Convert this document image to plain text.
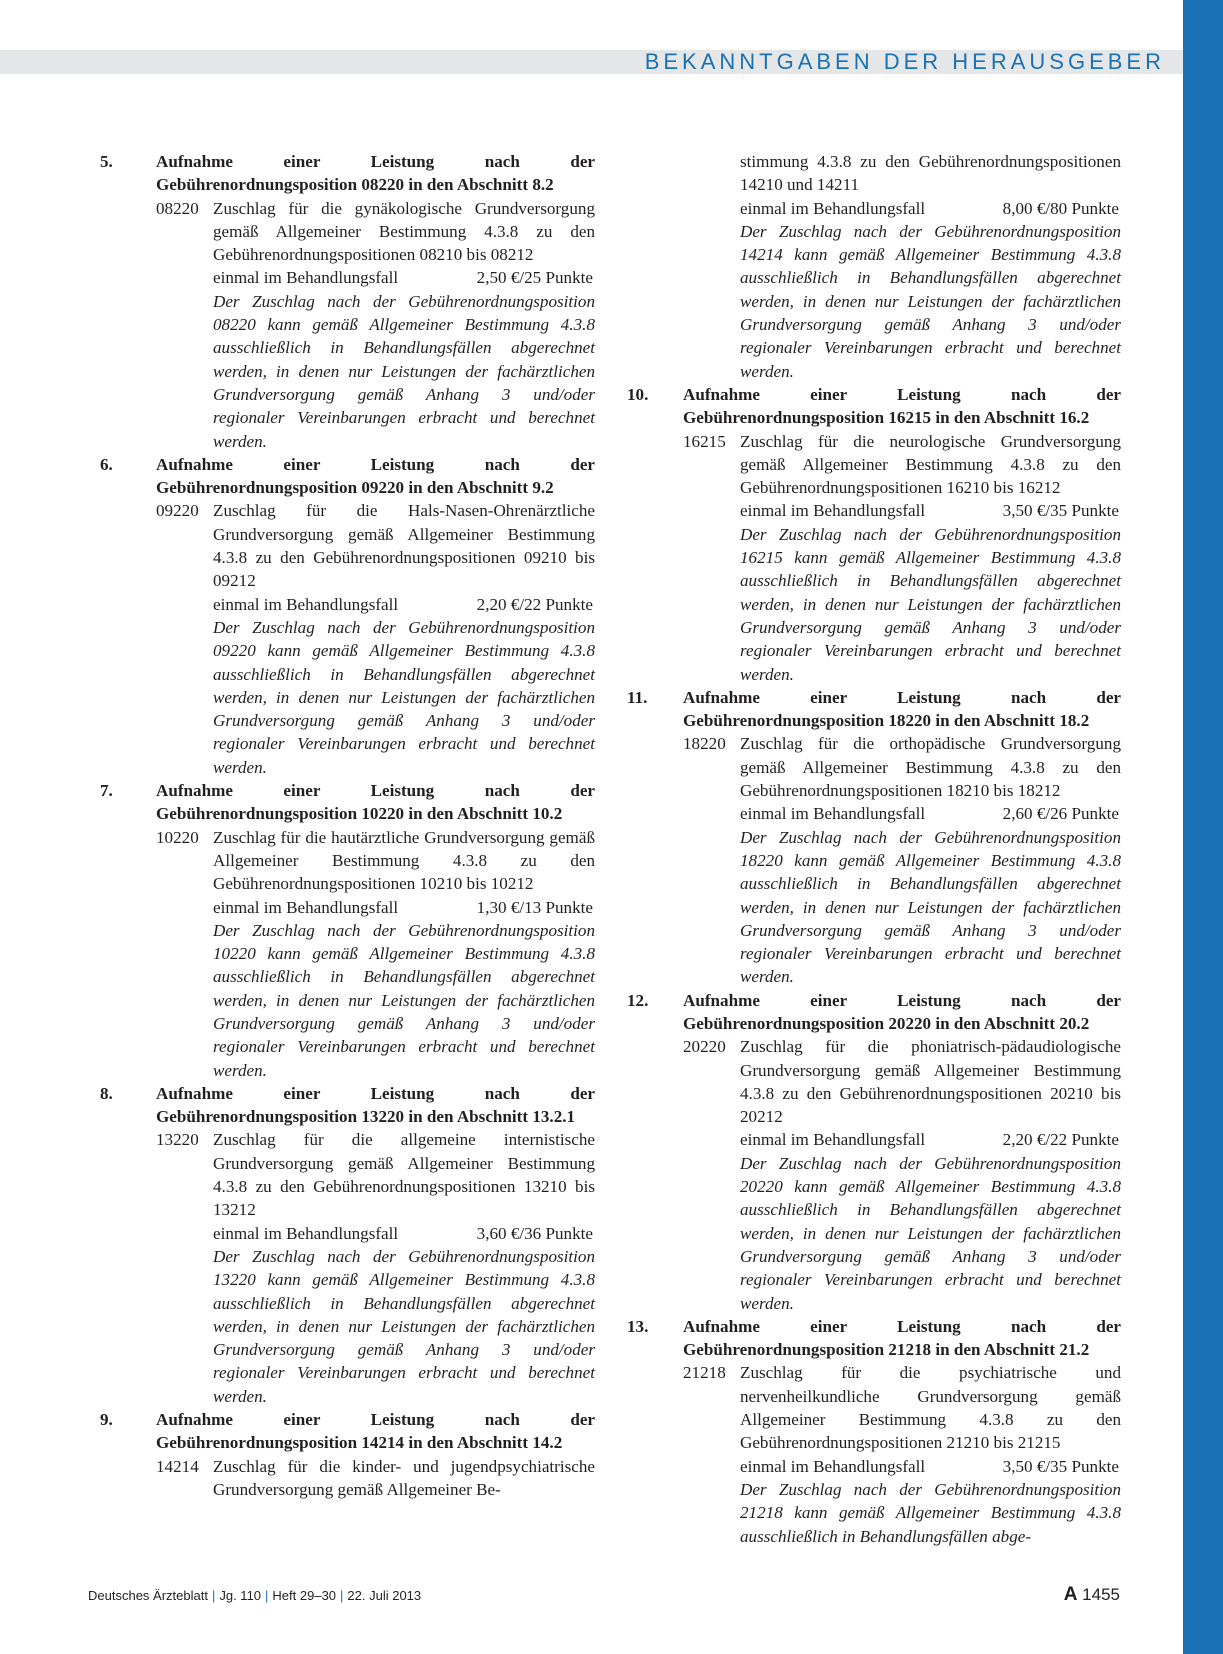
BEKANNTGABEN DER HERAUSGEBER
5.	Aufnahme einer Leistung nach der Gebührenordnungsposition 08220 in den Abschnitt 8.2
08220 Zuschlag für die gynäkologische Grundversorgung gemäß Allgemeiner Bestimmung 4.3.8 zu den Gebührenordnungspositionen 08210 bis 08212
einmal im Behandlungsfall	2,50 €/25 Punkte
Der Zuschlag nach der Gebührenordnungsposition 08220 kann gemäß Allgemeiner Bestimmung 4.3.8 ausschließlich in Behandlungsfällen abgerechnet werden, in denen nur Leistungen der fachärztlichen Grundversorgung gemäß Anhang 3 und/oder regionaler Vereinbarungen erbracht und berechnet werden.
6.	Aufnahme einer Leistung nach der Gebührenordnungsposition 09220 in den Abschnitt 9.2
09220 Zuschlag für die Hals-Nasen-Ohrenärztliche Grundversorgung gemäß Allgemeiner Bestimmung 4.3.8 zu den Gebührenordnungspositionen 09210 bis 09212
einmal im Behandlungsfall	2,20 €/22 Punkte
Der Zuschlag nach der Gebührenordnungsposition 09220 kann gemäß Allgemeiner Bestimmung 4.3.8 ausschließlich in Behandlungsfällen abgerechnet werden, in denen nur Leistungen der fachärztlichen Grundversorgung gemäß Anhang 3 und/oder regionaler Vereinbarungen erbracht und berechnet werden.
7.	Aufnahme einer Leistung nach der Gebührenordnungsposition 10220 in den Abschnitt 10.2
10220 Zuschlag für die hautärztliche Grundversorgung gemäß Allgemeiner Bestimmung 4.3.8 zu den Gebührenordnungspositionen 10210 bis 10212
einmal im Behandlungsfall	1,30 €/13 Punkte
Der Zuschlag nach der Gebührenordnungsposition 10220 kann gemäß Allgemeiner Bestimmung 4.3.8 ausschließlich in Behandlungsfällen abgerechnet werden, in denen nur Leistungen der fachärztlichen Grundversorgung gemäß Anhang 3 und/oder regionaler Vereinbarungen erbracht und berechnet werden.
8.	Aufnahme einer Leistung nach der Gebührenordnungsposition 13220 in den Abschnitt 13.2.1
13220 Zuschlag für die allgemeine internistische Grundversorgung gemäß Allgemeiner Bestimmung 4.3.8 zu den Gebührenordnungspositionen 13210 bis 13212
einmal im Behandlungsfall	3,60 €/36 Punkte
Der Zuschlag nach der Gebührenordnungsposition 13220 kann gemäß Allgemeiner Bestimmung 4.3.8 ausschließlich in Behandlungsfällen abgerechnet werden, in denen nur Leistungen der fachärztlichen Grundversorgung gemäß Anhang 3 und/oder regionaler Vereinbarungen erbracht und berechnet werden.
9.	Aufnahme einer Leistung nach der Gebührenordnungsposition 14214 in den Abschnitt 14.2
14214 Zuschlag für die kinder- und jugendpsychiatrische Grundversorgung gemäß Allgemeiner Be-
stimmung 4.3.8 zu den Gebührenordnungspositionen 14210 und 14211
einmal im Behandlungsfall	8,00 €/80 Punkte
Der Zuschlag nach der Gebührenordnungsposition 14214 kann gemäß Allgemeiner Bestimmung 4.3.8 ausschließlich in Behandlungsfällen abgerechnet werden, in denen nur Leistungen der fachärztlichen Grundversorgung gemäß Anhang 3 und/oder regionaler Vereinbarungen erbracht und berechnet werden.
10.	Aufnahme einer Leistung nach der Gebührenordnungsposition 16215 in den Abschnitt 16.2
16215 Zuschlag für die neurologische Grundversorgung gemäß Allgemeiner Bestimmung 4.3.8 zu den Gebührenordnungspositionen 16210 bis 16212
einmal im Behandlungsfall	3,50 €/35 Punkte
Der Zuschlag nach der Gebührenordnungsposition 16215 kann gemäß Allgemeiner Bestimmung 4.3.8 ausschließlich in Behandlungsfällen abgerechnet werden, in denen nur Leistungen der fachärztlichen Grundversorgung gemäß Anhang 3 und/oder regionaler Vereinbarungen erbracht und berechnet werden.
11.	Aufnahme einer Leistung nach der Gebührenordnungsposition 18220 in den Abschnitt 18.2
18220 Zuschlag für die orthopädische Grundversorgung gemäß Allgemeiner Bestimmung 4.3.8 zu den Gebührenordnungspositionen 18210 bis 18212
einmal im Behandlungsfall	2,60 €/26 Punkte
Der Zuschlag nach der Gebührenordnungsposition 18220 kann gemäß Allgemeiner Bestimmung 4.3.8 ausschließlich in Behandlungsfällen abgerechnet werden, in denen nur Leistungen der fachärztlichen Grundversorgung gemäß Anhang 3 und/oder regionaler Vereinbarungen erbracht und berechnet werden.
12.	Aufnahme einer Leistung nach der Gebührenordnungsposition 20220 in den Abschnitt 20.2
20220 Zuschlag für die phoniatrisch-pädaudiologische Grundversorgung gemäß Allgemeiner Bestimmung 4.3.8 zu den Gebührenordnungspositionen 20210 bis 20212
einmal im Behandlungsfall	2,20 €/22 Punkte
Der Zuschlag nach der Gebührenordnungsposition 20220 kann gemäß Allgemeiner Bestimmung 4.3.8 ausschließlich in Behandlungsfällen abgerechnet werden, in denen nur Leistungen der fachärztlichen Grundversorgung gemäß Anhang 3 und/oder regionaler Vereinbarungen erbracht und berechnet werden.
13.	Aufnahme einer Leistung nach der Gebührenordnungsposition 21218 in den Abschnitt 21.2
21218 Zuschlag für die psychiatrische und nervenheilkundliche Grundversorgung gemäß Allgemeiner Bestimmung 4.3.8 zu den Gebührenordnungspositionen 21210 bis 21215
einmal im Behandlungsfall	3,50 €/35 Punkte
Der Zuschlag nach der Gebührenordnungsposition 21218 kann gemäß Allgemeiner Bestimmung 4.3.8 ausschließlich in Behandlungsfällen abge-
Deutsches Ärzteblatt | Jg. 110 | Heft 29–30 | 22. Juli 2013	A 1455
